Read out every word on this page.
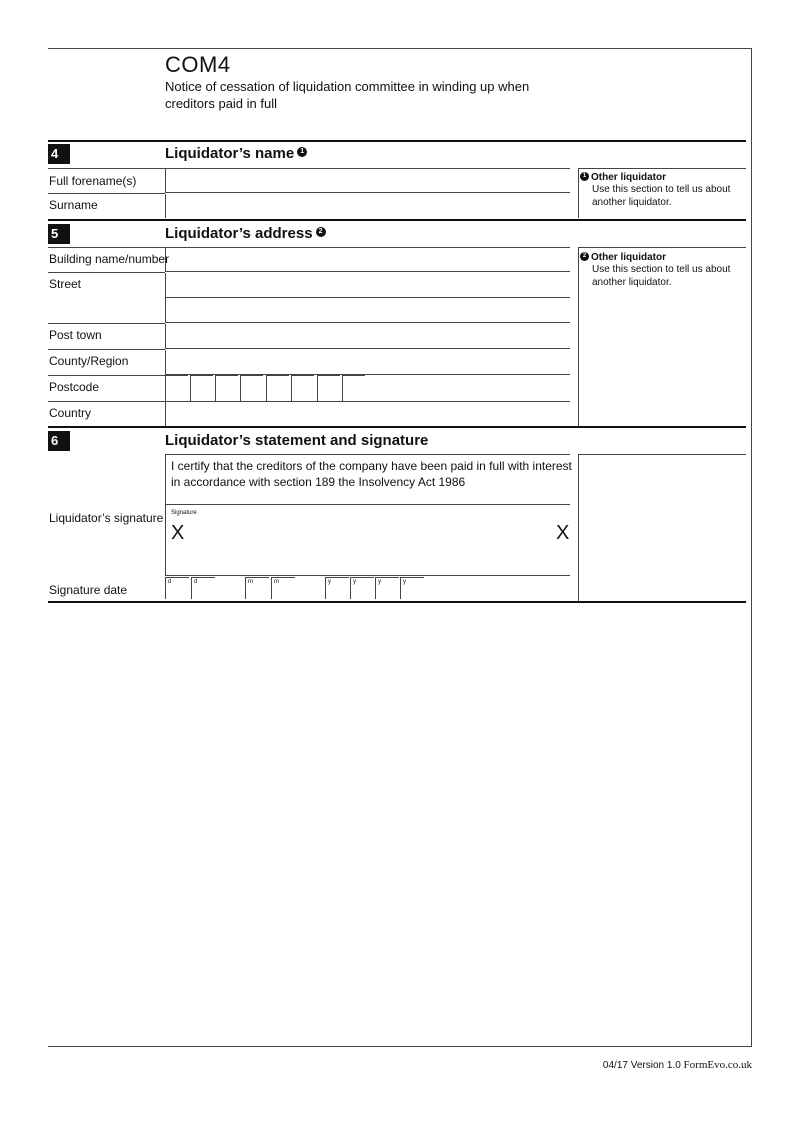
COM4
Notice of cessation of liquidation committee in winding up when
creditors paid in full
4	Liquidator’s name 1
Full forename(s)
Surname
1 Other liquidator
Use this section to tell us about
another liquidator.
5	Liquidator’s address 2
Building name/number
Street
Post town
County/Region
Postcode
Country
2 Other liquidator
Use this section to tell us about
another liquidator.
6	Liquidator’s statement and signature
I certify that the creditors of the company have been paid in full with interest
in accordance with section 189 the Insolvency Act 1986
Liquidator’s signature Signature
X	X
Signature date
d	d	m	m	y	y	y	y
04/17 Version 1.0 FormEvo.co.uk
